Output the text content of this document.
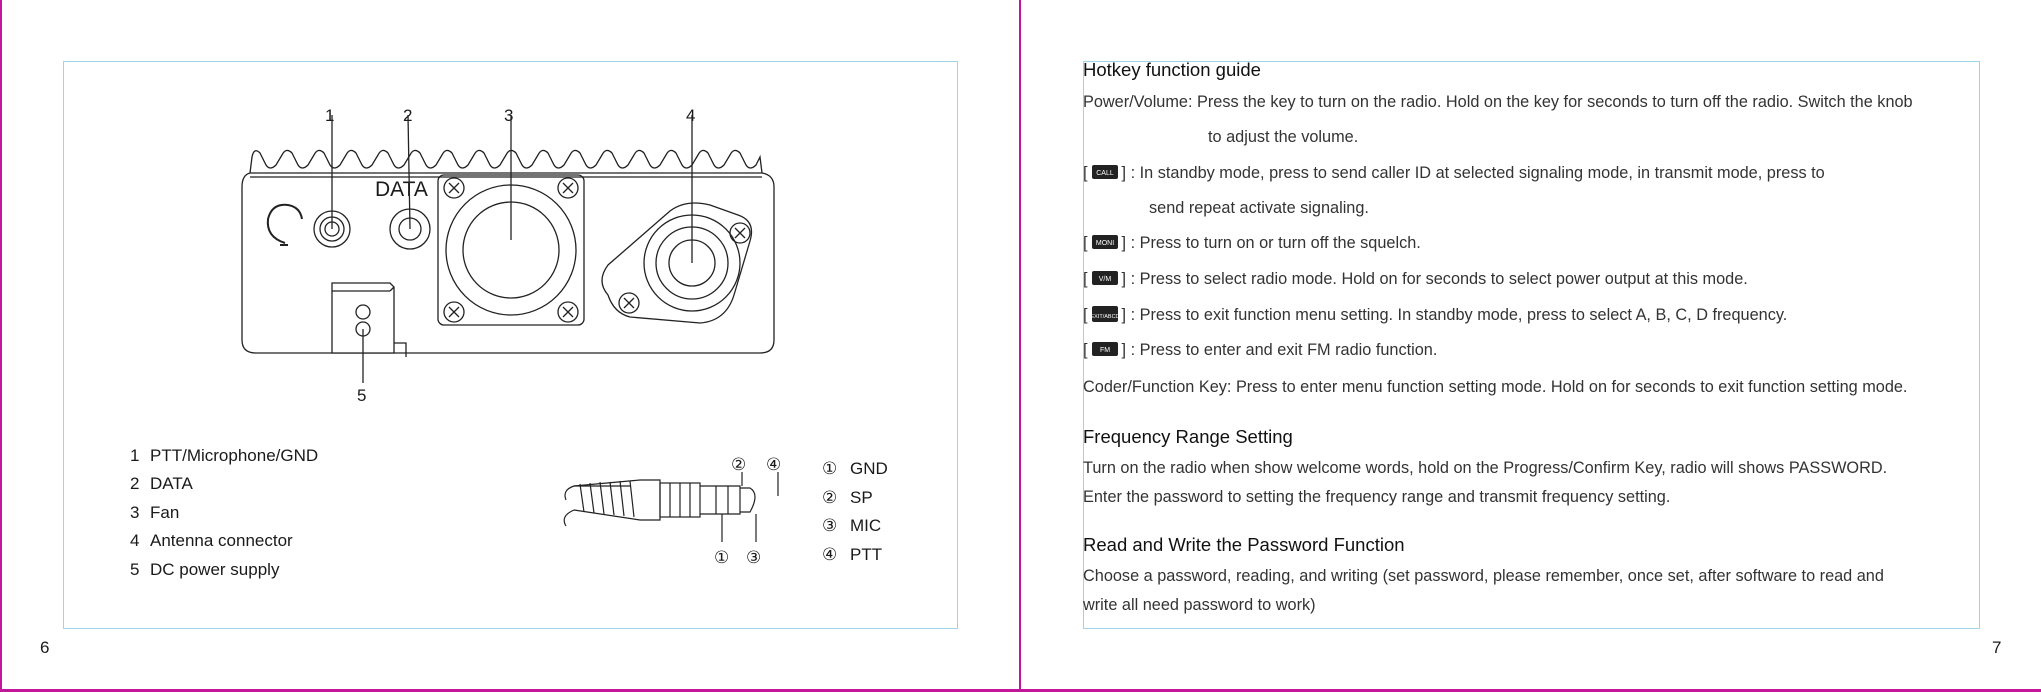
1	2	3	4
5
DATA
1 PTT/Microphone/GND
2 DATA
3 Fan
4 Antenna connector
5 DC power supply
② ④
① ③
① GND
② SP
③ MIC
④ PTT
6
Hotkey function guide
Power/Volume: Press the key to turn on the radio. Hold on the key for seconds to turn off the radio. Switch the knob
to adjust the volume.
[ CALL ] : In standby mode, press to send caller ID at selected signaling mode, in transmit mode, press to
send repeat activate signaling.
[ MONI ] : Press to turn on or turn off the squelch.
[ V/M ] : Press to select radio mode. Hold on for seconds to select power output at this mode.
[ EXIT/ABCD ] : Press to exit function menu setting. In standby mode, press to select A, B, C, D frequency.
[ FM ] : Press to enter and exit FM radio function.
Coder/Function Key: Press to enter menu function setting mode. Hold on for seconds to exit function setting mode.
Frequency Range Setting
Turn on the radio when show welcome words, hold on the Progress/Confirm Key, radio will shows PASSWORD.
Enter the password to setting the frequency range and transmit frequency setting.
Read and Write the Password Function
Choose a password, reading, and writing (set password, please remember, once set, after software to read and
write all need password to work)
7
